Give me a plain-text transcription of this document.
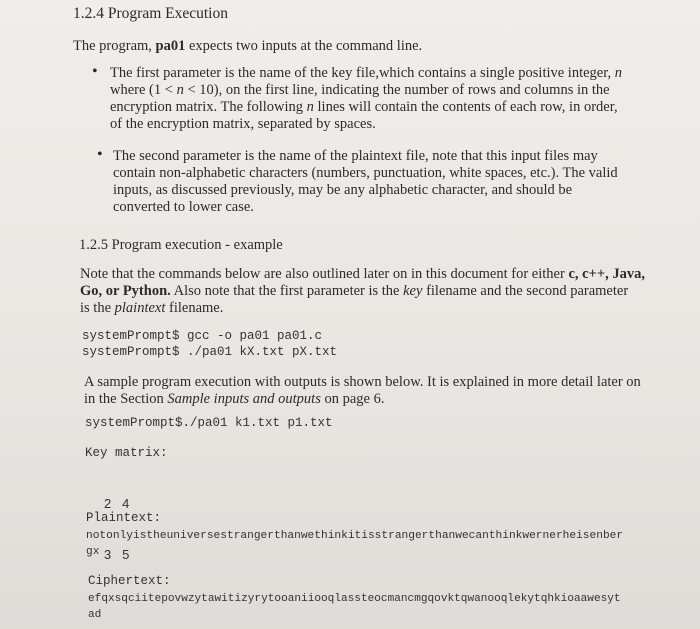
1.2.4 Program Execution
The program, pa01 expects two inputs at the command line.
• The first parameter is the name of the key file,which contains a single positive integer, n
where (1 < n < 10), on the first line, indicating the number of rows and columns in the
encryption matrix. The following n lines will contain the contents of each row, in order,
of the encryption matrix, separated by spaces.
• The second parameter is the name of the plaintext file, note that this input files may
contain non-alphabetic characters (numbers, punctuation, white spaces, etc.). The valid
inputs, as discussed previously, may be any alphabetic character, and should be
converted to lower case.
1.2.5 Program execution - example
Note that the commands below are also outlined later on in this document for either c, c++, Java,
Go, or Python. Also note that the first parameter is the key filename and the second parameter
is the plaintext filename.
systemPrompt$ gcc -o pa01 pa01.c
systemPrompt$ ./pa01 kX.txt pX.txt
A sample program execution with outputs is shown below. It is explained in more detail later on
in the Section Sample inputs and outputs on page 6.
systemPrompt$./pa01 k1.txt p1.txt
Key matrix:

2   4

3   5

Plaintext:
notonlyistheuniversestrangerthanwethinkitisstrangerthanwecanthinkwernerheisenber
gx
Ciphertext:
efqxsqciitepovwzytawitizyrytooaniiooqlassteocmancmgqovktqwanooqlekytqhkioaawesyt
ad
